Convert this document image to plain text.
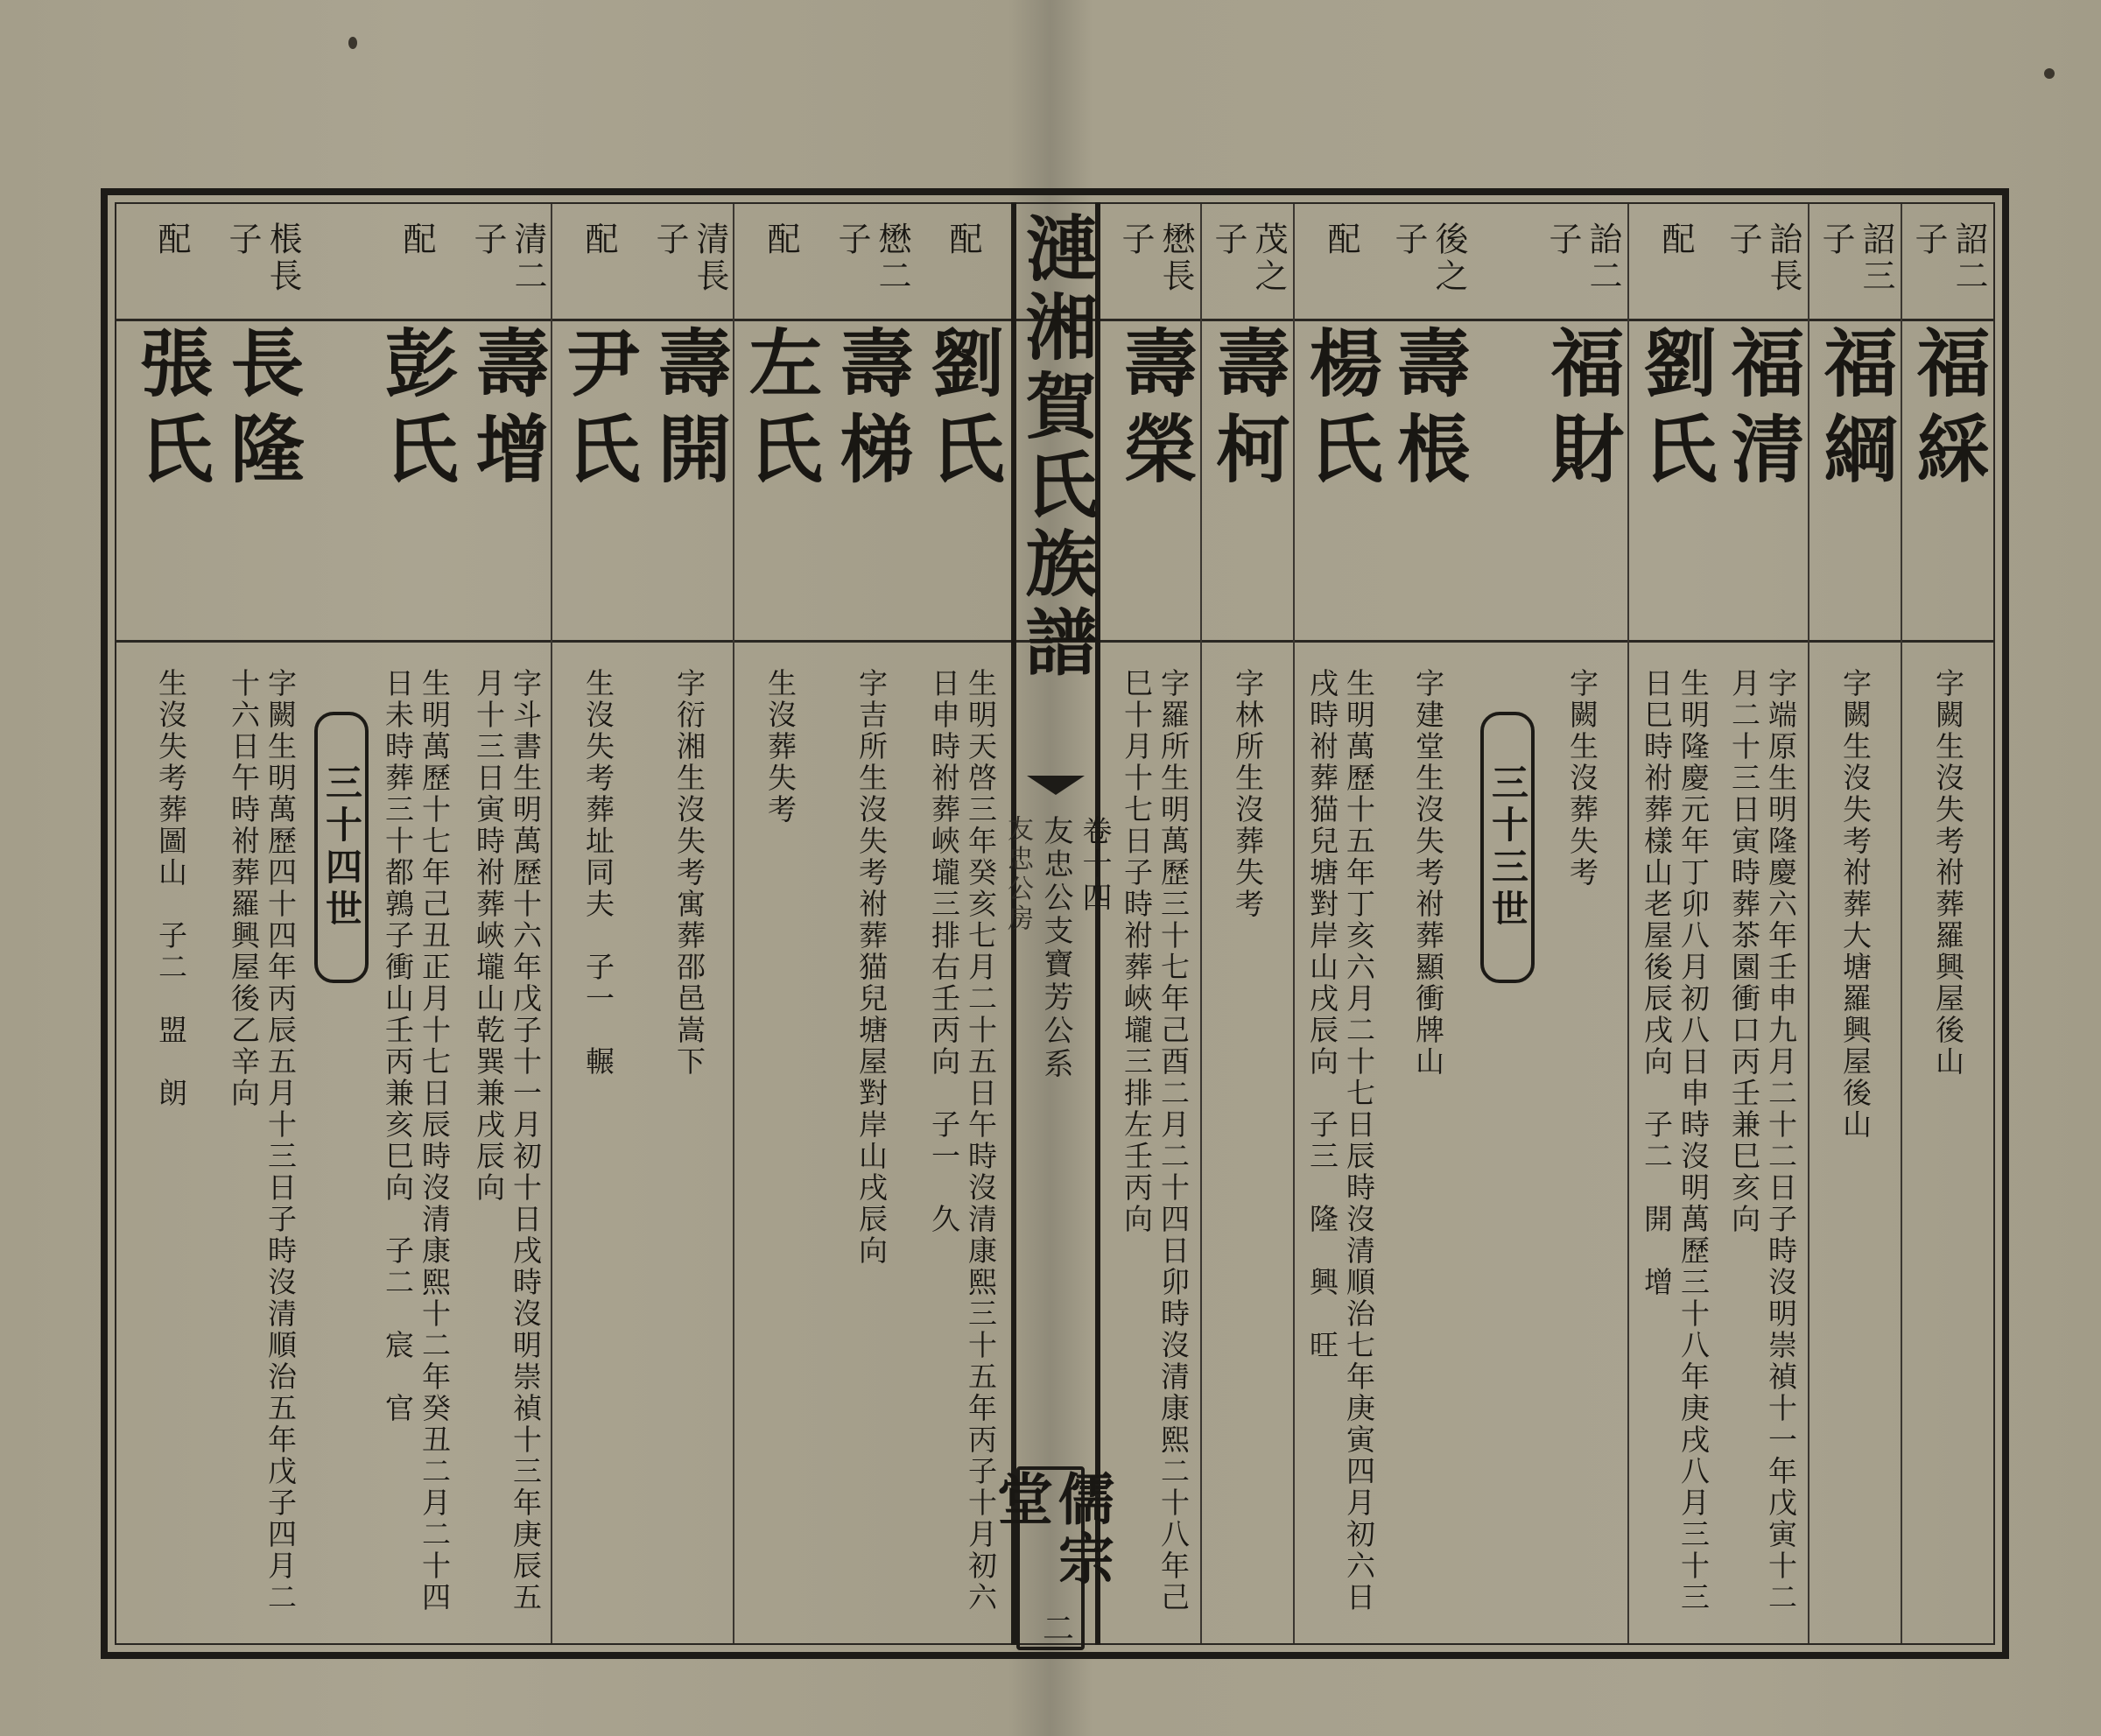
詔二
子
福綵
字闕生沒失考祔葬羅興屋後山
詔三
子
福綱
字闕生沒失考祔葬大塘羅興屋後山
詒長
子
福清
字端原生明隆慶六年壬申九月二十二日子時沒明崇禎十一年戊寅十二月二十三日寅時葬茶園衝口丙壬兼巳亥向
配
劉氏
生明隆慶元年丁卯八月初八日申時沒明萬歷三十八年庚戌八月三十三日巳時祔葬樣山老屋後辰戌向　子二　開　增
詒二
子
福財
字闕生沒葬失考
三十三世
後之
子
壽棖
字建堂生沒失考祔葬顯衝牌山
配
楊氏
生明萬歷十五年丁亥六月二十七日辰時沒清順治七年庚寅四月初六日戌時祔葬猫兒塘對岸山戌辰向　子三　隆　興　旺
茂之
子
壽柯
字林所生沒葬失考
懋長
子
壽榮
字羅所生明萬歷三十七年己酉二月二十四日卯時沒清康熙二十八年己巳十月十七日子時祔葬峽壠三排左壬丙向
配
劉氏
生明天啓三年癸亥七月二十五日午時沒清康熙三十五年丙子十月初六日申時祔葬峽壠三排右壬丙向　子一　久
懋二
子
壽梯
字吉所生沒失考祔葬猫兒塘屋對岸山戌辰向
配
左氏
生沒葬失考
清長
子
壽開
字衍湘生沒失考寓葬邵邑嵩下
配
尹氏
生沒失考葬址同夫　子一　輾
清二
子
壽增
字斗書生明萬歷十六年戊子十一月初十日戌時沒明崇禎十三年庚辰五月十三日寅時祔葬峽壠山乾巽兼戌辰向
配
彭氏
生明萬歷十七年己丑正月十七日辰時沒清康熙十二年癸丑二月二十四日未時葬三十都鶉子衝山壬丙兼亥巳向　子二　宸　官
三十四世
棖長
子
長隆
字闕生明萬歷四十四年丙辰五月十三日子時沒清順治五年戊子四月二十六日午時祔葬羅興屋後乙辛向
配
張氏
生沒失考葬圖山　子二　盟　朗
漣湘賀氏族譜
卷十四
友忠公支寶芳公系
友忠公房
二
儒宗堂
